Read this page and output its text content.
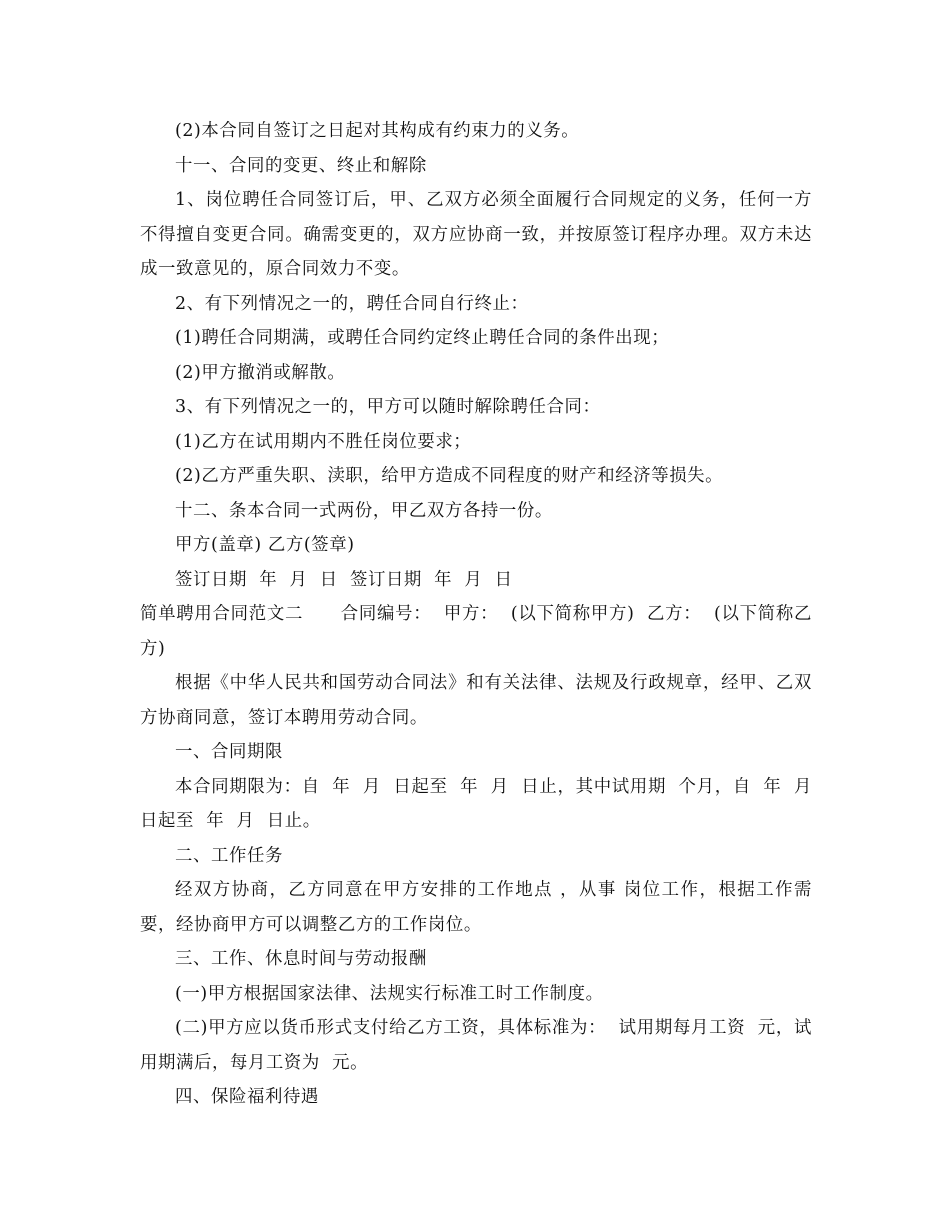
(2)本合同自签订之日起对其构成有约束力的义务。

十一、合同的变更、终止和解除

1、岗位聘任合同签订后，甲、乙双方必须全面履行合同规定的义务，任何一方不得擅自变更合同。确需变更的，双方应协商一致，并按原签订程序办理。双方未达成一致意见的，原合同效力不变。

2、有下列情况之一的，聘任合同自行终止：

(1)聘任合同期满，或聘任合同约定终止聘任合同的条件出现；

(2)甲方撤消或解散。

3、有下列情况之一的，甲方可以随时解除聘任合同：

(1)乙方在试用期内不胜任岗位要求；

(2)乙方严重失职、渎职，给甲方造成不同程度的财产和经济等损失。

十二、条本合同一式两份，甲乙双方各持一份。

甲方(盖章) 乙方(签章)

签订日期  年  月  日  签订日期  年  月  日

简单聘用合同范文二      合同编号：  甲方：  (以下简称甲方)  乙方：  (以下简称乙方)

根据《中华人民共和国劳动合同法》和有关法律、法规及行政规章，经甲、乙双方协商同意，签订本聘用劳动合同。

一、合同期限

本合同期限为：自  年  月  日起至  年  月  日止，其中试用期  个月，自  年  月  日起至  年  月  日止。

二、工作任务

经双方协商，乙方同意在甲方安排的工作地点 ，从事 岗位工作，根据工作需要，经协商甲方可以调整乙方的工作岗位。

三、工作、休息时间与劳动报酬

(一)甲方根据国家法律、法规实行标准工时工作制度。

(二)甲方应以货币形式支付给乙方工资，具体标准为：  试用期每月工资  元，试用期满后，每月工资为  元。

四、保险福利待遇
